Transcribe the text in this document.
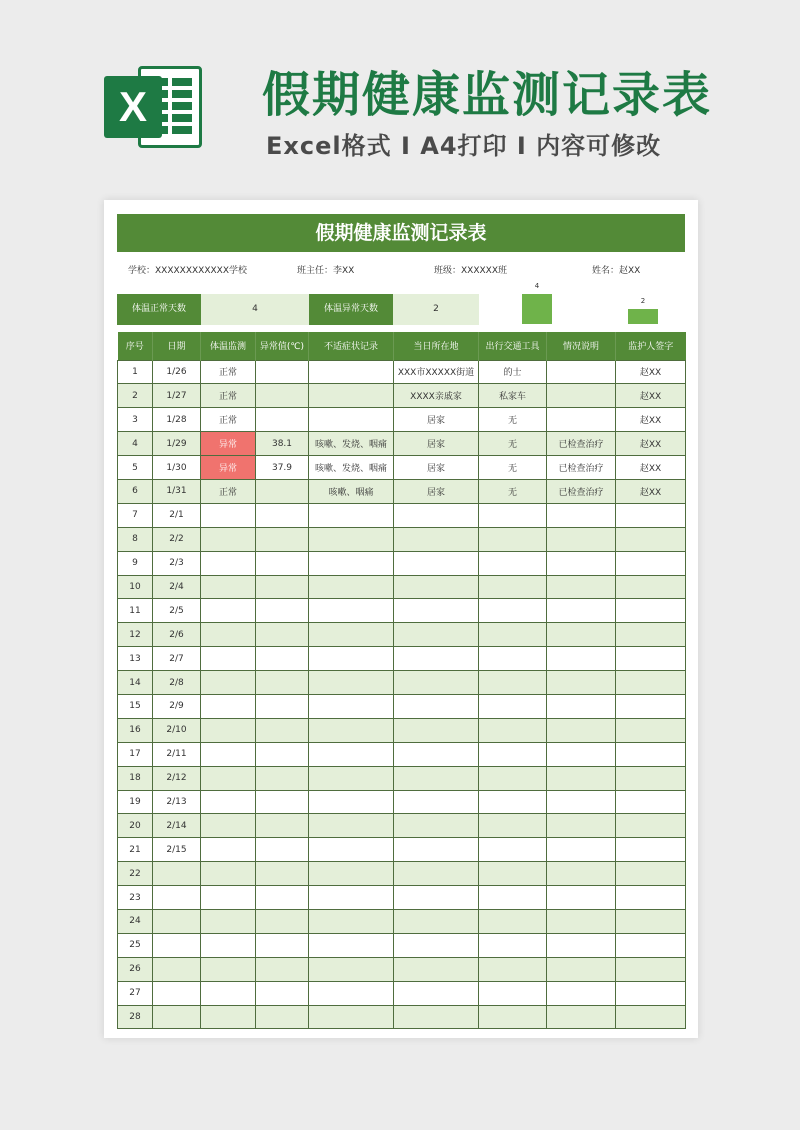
X	假期健康监测记录表
Excel格式 I A4打印 I 内容可修改
假期健康监测记录表
学校：XXXXXXXXXXXX学校	班主任：李XX	班级：XXXXXX班	姓名：赵XX
体温正常天数	4	体温异常天数	2
4
2
序号	日期	体温监测	异常值(℃)	不适症状记录	当日所在地	出行交通工具	情况说明	监护人签字
1	1/26	正常			XXX市XXXXX街道	的士		赵XX
2	1/27	正常			XXXX亲戚家	私家车		赵XX
3	1/28	正常			居家	无		赵XX
4	1/29	异常	38.1	咳嗽、发烧、咽痛	居家	无	已检查治疗	赵XX
5	1/30	异常	37.9	咳嗽、发烧、咽痛	居家	无	已检查治疗	赵XX
6	1/31	正常		咳嗽、咽痛	居家	无	已检查治疗	赵XX
7	2/1							
8	2/2							
9	2/3							
10	2/4							
11	2/5							
12	2/6							
13	2/7							
14	2/8							
15	2/9							
16	2/10							
17	2/11							
18	2/12							
19	2/13							
20	2/14							
21	2/15							
22								
23								
24								
25								
26								
27								
28								
